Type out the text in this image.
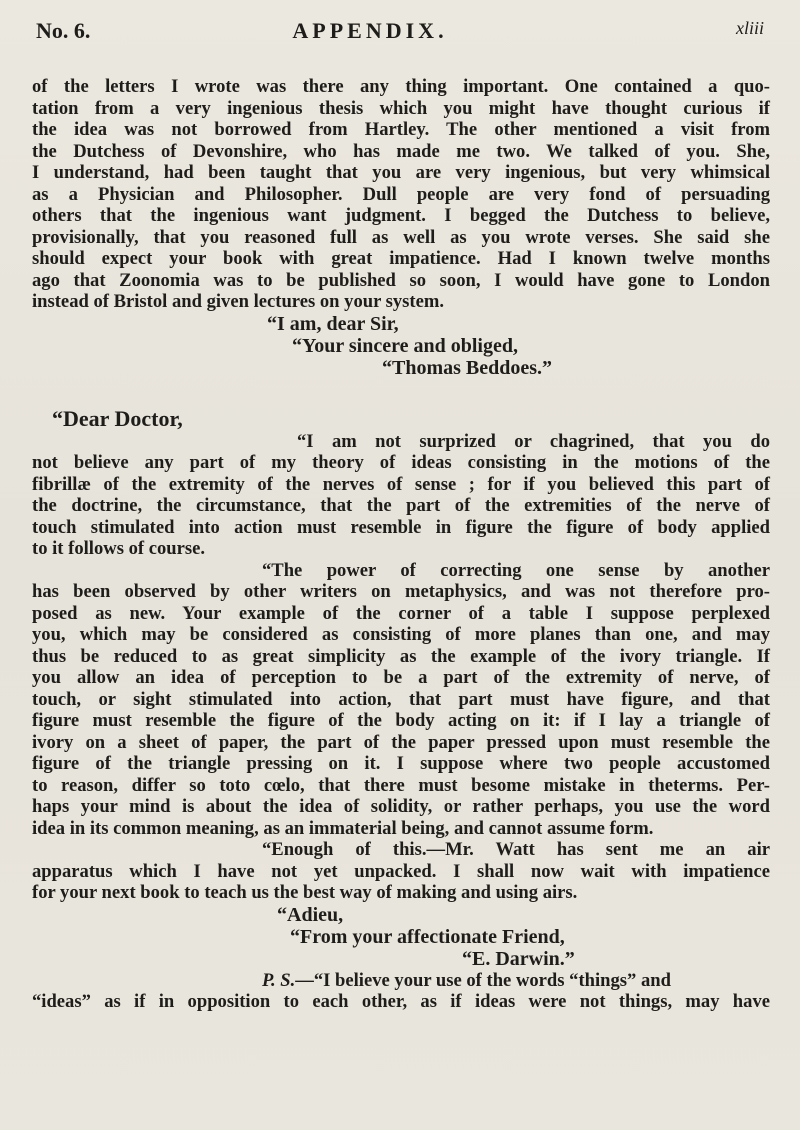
No. 6.	APPENDIX.	xliii
of the letters I wrote was there any thing important. One contained a quo-
tation from a very ingenious thesis which you might have thought curious if
the idea was not borrowed from Hartley. The other mentioned a visit from
the Dutchess of Devonshire, who has made me two. We talked of you. She,
I understand, had been taught that you are very ingenious, but very whimsical
as a Physician and Philosopher. Dull people are very fond of persuading
others that the ingenious want judgment. I begged the Dutchess to believe,
provisionally, that you reasoned full as well as you wrote verses. She said she
should expect your book with great impatience. Had I known twelve months
ago that Zoonomia was to be published so soon, I would have gone to London
instead of Bristol and given lectures on your system.
“I am, dear Sir,
“Your sincere and obliged,
“Thomas Beddoes.”
“Dear Doctor,
“I am not surprized or chagrined, that you do
not believe any part of my theory of ideas consisting in the motions of the
fibrillæ of the extremity of the nerves of sense ; for if you believed this part of
the doctrine, the circumstance, that the part of the extremities of the nerve of
touch stimulated into action must resemble in figure the figure of body applied
to it follows of course.
“The power of correcting one sense by another
has been observed by other writers on metaphysics, and was not therefore pro-
posed as new. Your example of the corner of a table I suppose perplexed
you, which may be considered as consisting of more planes than one, and may
thus be reduced to as great simplicity as the example of the ivory triangle. If
you allow an idea of perception to be a part of the extremity of nerve, of
touch, or sight stimulated into action, that part must have figure, and that
figure must resemble the figure of the body acting on it: if I lay a triangle of
ivory on a sheet of paper, the part of the paper pressed upon must resemble the
figure of the triangle pressing on it. I suppose where two people accustomed
to reason, differ so toto cœlo, that there must besome mistake in theterms. Per-
haps your mind is about the idea of solidity, or rather perhaps, you use the word
idea in its common meaning, as an immaterial being, and cannot assume form.
“Enough of this.—Mr. Watt has sent me an air
apparatus which I have not yet unpacked. I shall now wait with impatience
for your next book to teach us the best way of making and using airs.
“Adieu,
“From your affectionate Friend,
“E. Darwin.”
P. S.—“I believe your use of the words “things” and
“ideas” as if in opposition to each other, as if ideas were not things, may have
